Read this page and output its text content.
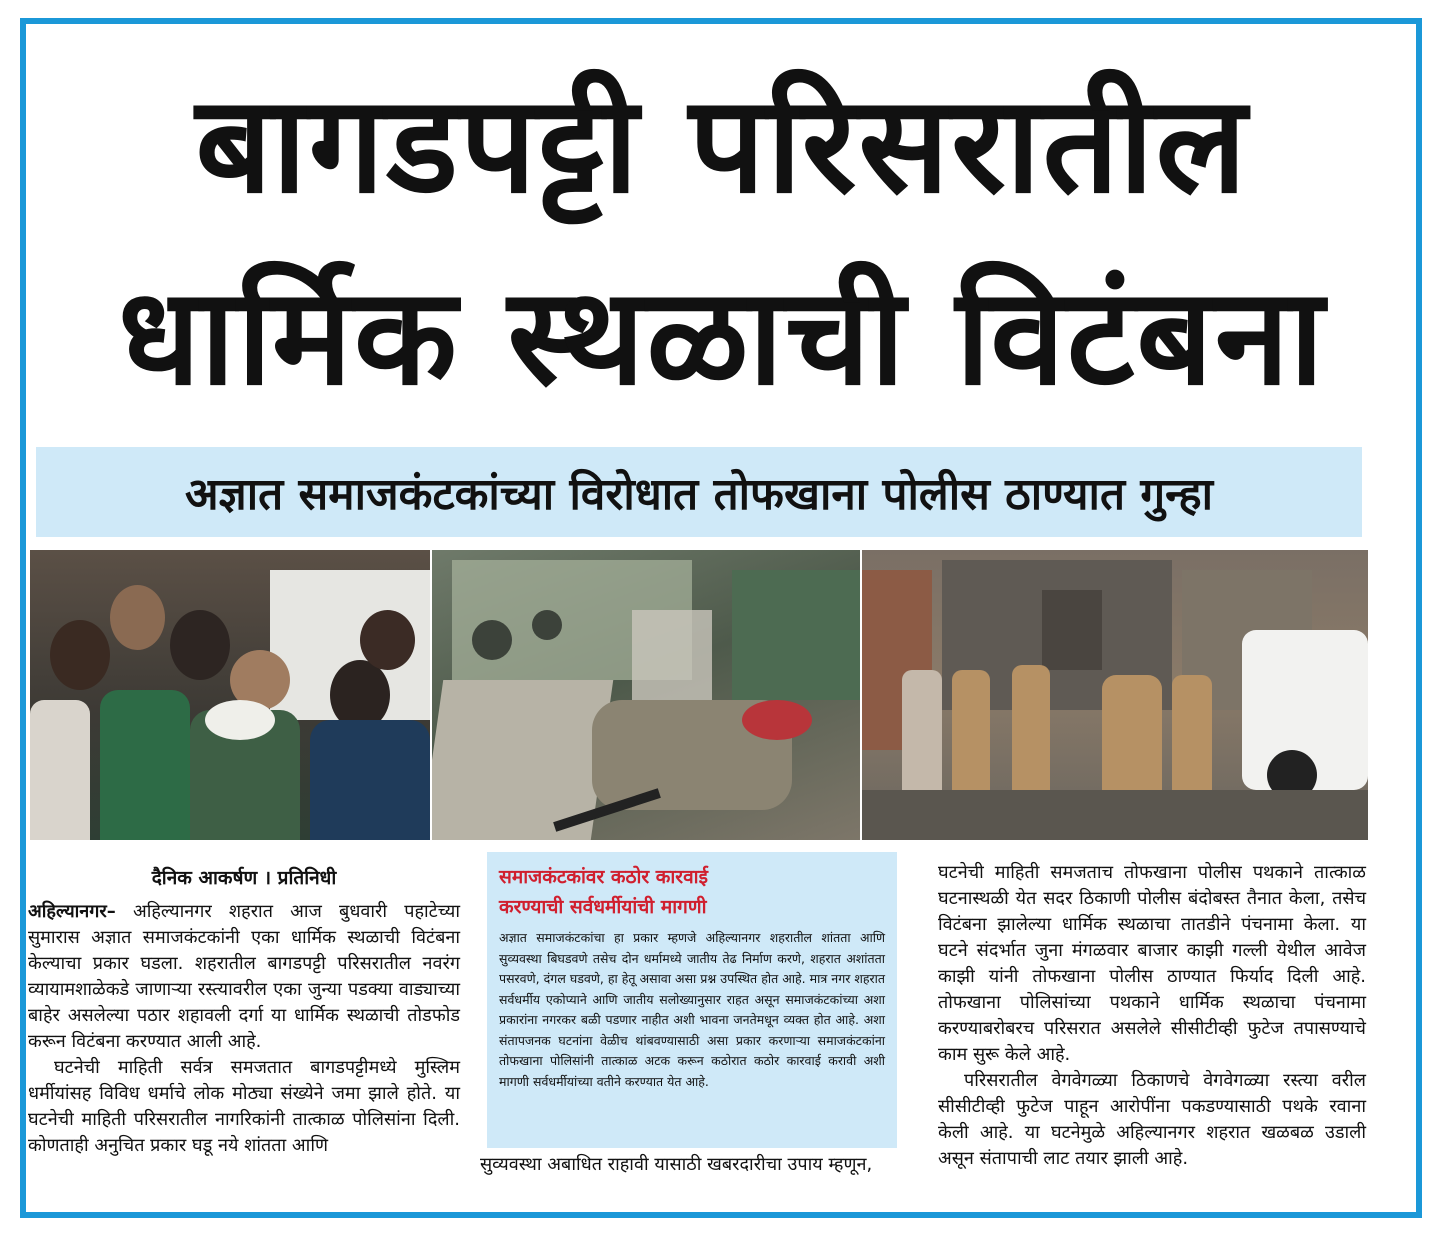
बागडपट्टी परिसरातील
धार्मिक स्थळाची विटंबना
अज्ञात समाजकंटकांच्या विरोधात तोफखाना पोलीस ठाण्यात गुन्हा
दैनिक आकर्षण । प्रतिनिधी
अहिल्यानगर– अहिल्यानगर शहरात आज बुधवारी पहाटेच्या सुमारास अज्ञात समाजकंटकांनी एका धार्मिक स्थळाची विटंबना केल्याचा प्रकार घडला. शहरातील बागडपट्टी परिसरातील नवरंग व्यायामशाळेकडे जाणाऱ्या रस्त्यावरील एका जुन्या पडक्या वाड्याच्या बाहेर असलेल्या पठार शहावली दर्गा या धार्मिक स्थळाची तोडफोड करून विटंबना करण्यात आली आहे.
घटनेची माहिती सर्वत्र समजतात बागडपट्टीमध्ये मुस्लिम धर्मीयांसह विविध धर्माचे लोक मोठ्या संख्येने जमा झाले होते. या घटनेची माहिती परिसरातील नागरिकांनी तात्काळ पोलिसांना दिली. कोणताही अनुचित प्रकार घडू नये शांतता आणि
समाजकंटकांवर कठोर कारवाई
करण्याची सर्वधर्मीयांची मागणी

अज्ञात समाजकंटकांचा हा प्रकार म्हणजे अहिल्यानगर शहरातील शांतता आणि सुव्यवस्था बिघडवणे तसेच दोन धर्मामध्ये जातीय तेढ निर्माण करणे, शहरात अशांतता पसरवणे, दंगल घडवणे, हा हेतू असावा असा प्रश्न उपस्थित होत आहे. मात्र नगर शहरात सर्वधर्मीय एकोप्याने आणि जातीय सलोख्यानुसार राहत असून समाजकंटकांच्या अशा प्रकारांना नगरकर बळी पडणार नाहीत अशी भावना जनतेमधून व्यक्त होत आहे. अशा संतापजनक घटनांना वेळीच थांबवण्यासाठी असा प्रकार करणाऱ्या समाजकंटकांना तोफखाना पोलिसांनी तात्काळ अटक करून कठोरात कठोर कारवाई करावी अशी मागणी सर्वधर्मीयांच्या वतीने करण्यात येत आहे.

सुव्यवस्था अबाधित राहावी यासाठी खबरदारीचा उपाय म्हणून,
घटनेची माहिती समजताच तोफखाना पोलीस पथकाने तात्काळ घटनास्थळी येत सदर ठिकाणी पोलीस बंदोबस्त तैनात केला, तसेच विटंबना झालेल्या धार्मिक स्थळाचा तातडीने पंचनामा केला. या घटने संदर्भात जुना मंगळवार बाजार काझी गल्ली येथील आवेज काझी यांनी तोफखाना पोलीस ठाण्यात फिर्याद दिली आहे. तोफखाना पोलिसांच्या पथकाने धार्मिक स्थळाचा पंचनामा करण्याबरोबरच परिसरात असलेले सीसीटीव्ही फुटेज तपासण्याचे काम सुरू केले आहे.
परिसरातील वेगवेगळ्या ठिकाणचे वेगवेगळ्या रस्त्या वरील सीसीटीव्ही फुटेज पाहून आरोपींना पकडण्यासाठी पथके रवाना केली आहे. या घटनेमुळे अहिल्यानगर शहरात खळबळ उडाली असून संतापाची लाट तयार झाली आहे.
